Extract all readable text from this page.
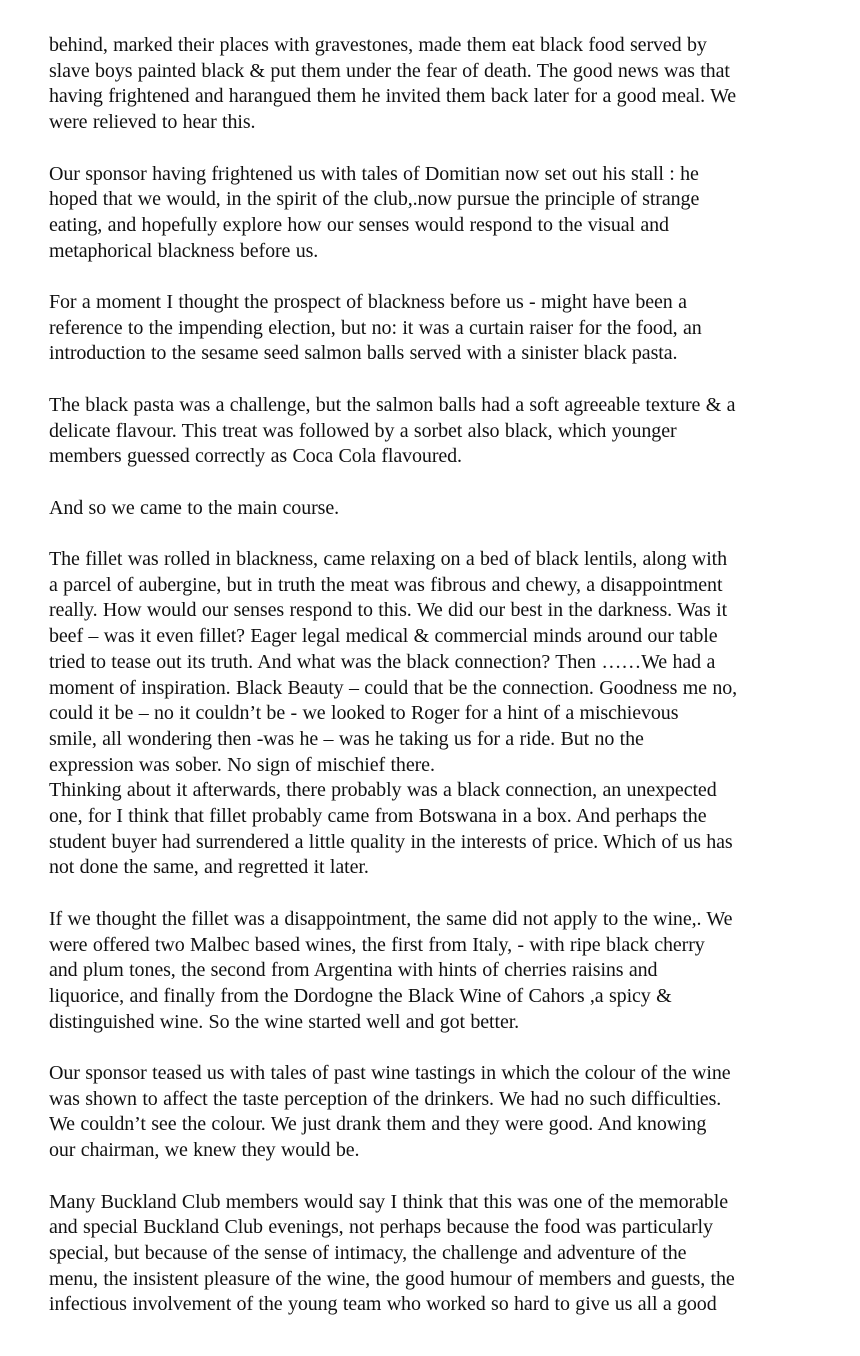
behind, marked their places with gravestones, made them eat black food served by
slave boys painted black & put them under the fear of death. The good news was that
having frightened and harangued them he invited them back later for a good meal. We
were relieved to hear this.

Our sponsor having frightened us with tales of Domitian now set out his stall : he
hoped that we would, in the spirit of the club,.now pursue the principle of strange
eating, and hopefully explore how our senses would respond to the visual and
metaphorical blackness before us.

For a moment I thought the prospect of blackness before us - might have been a
reference to the impending election, but no: it was a curtain raiser for the food, an
introduction to the sesame seed salmon balls served with a sinister black pasta.

The black pasta was a challenge, but the salmon balls had a soft agreeable texture & a
delicate flavour. This treat was followed by a sorbet also black, which younger
members guessed correctly as Coca Cola flavoured.

And so we came to the main course.

The fillet was rolled in blackness, came relaxing on a bed of black lentils, along with
a parcel of aubergine, but in truth the meat was fibrous and chewy, a disappointment
really. How would our senses respond to this. We did our best in the darkness. Was it
beef – was it even fillet? Eager legal medical & commercial minds around our table
tried to tease out its truth. And what was the black connection? Then ……We had a
moment of inspiration. Black Beauty – could that be the connection. Goodness me no,
could it be – no it couldn’t be - we looked to Roger for a hint of a mischievous
smile, all wondering then -was he – was he taking us for a ride. But no the
expression was sober. No sign of mischief there.

Thinking about it afterwards, there probably was a black connection, an unexpected
one, for I think that fillet probably came from Botswana in a box. And perhaps the
student buyer had surrendered a little quality in the interests of price. Which of us has
not done the same, and regretted it later.

If we thought the fillet was a disappointment, the same did not apply to the wine,. We
were offered two Malbec based wines, the first from Italy, - with ripe black cherry
and plum tones, the second from Argentina with hints of cherries raisins and
liquorice, and finally from the Dordogne the Black Wine of Cahors ,a spicy &
distinguished wine. So the wine started well and got better.

Our sponsor teased us with tales of past wine tastings in which the colour of the wine
was shown to affect the taste perception of the drinkers. We had no such difficulties.
We couldn’t see the colour. We just drank them and they were good. And knowing
our chairman, we knew they would be.

Many Buckland Club members would say I think that this was one of the memorable
and special Buckland Club evenings, not perhaps because the food was particularly
special, but because of the sense of intimacy, the challenge and adventure of the
menu, the insistent pleasure of the wine, the good humour of members and guests, the
infectious involvement of the young team who worked so hard to give us all a good
